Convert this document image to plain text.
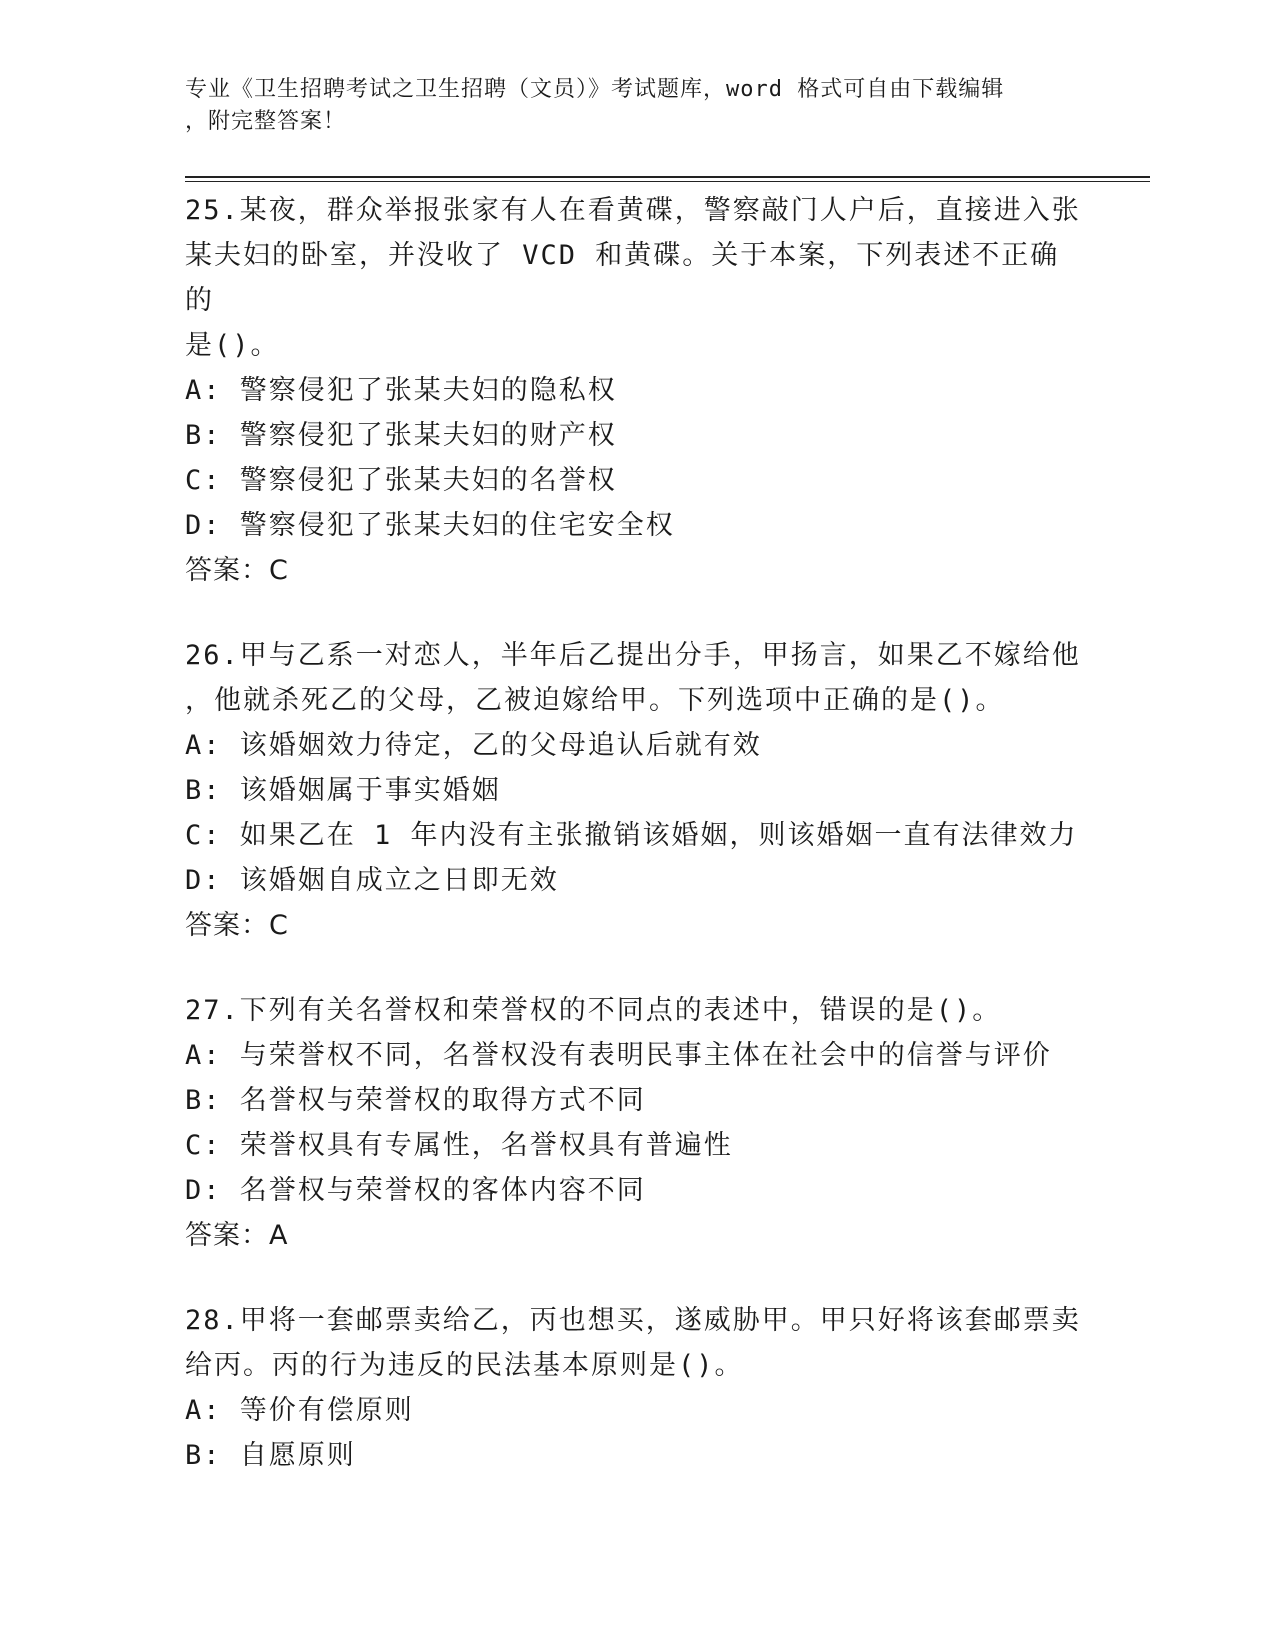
专业《卫生招聘考试之卫生招聘（文员）》考试题库，word 格式可自由下载编辑
，附完整答案！

25.某夜，群众举报张家有人在看黄碟，警察敲门人户后，直接进入张
某夫妇的卧室，并没收了 VCD 和黄碟。关于本案，下列表述不正确的
是()。

A: 警察侵犯了张某夫妇的隐私权

B: 警察侵犯了张某夫妇的财产权

C: 警察侵犯了张某夫妇的名誉权

D: 警察侵犯了张某夫妇的住宅安全权

答案：C

26.甲与乙系一对恋人，半年后乙提出分手，甲扬言，如果乙不嫁给他
，他就杀死乙的父母，乙被迫嫁给甲。下列选项中正确的是()。

A: 该婚姻效力待定，乙的父母追认后就有效

B: 该婚姻属于事实婚姻

C: 如果乙在 1 年内没有主张撤销该婚姻，则该婚姻一直有法律效力

D: 该婚姻自成立之日即无效

答案：C

27.下列有关名誉权和荣誉权的不同点的表述中，错误的是()。

A: 与荣誉权不同，名誉权没有表明民事主体在社会中的信誉与评价

B: 名誉权与荣誉权的取得方式不同

C: 荣誉权具有专属性，名誉权具有普遍性

D: 名誉权与荣誉权的客体内容不同

答案：A

28.甲将一套邮票卖给乙，丙也想买，遂威胁甲。甲只好将该套邮票卖
给丙。丙的行为违反的民法基本原则是()。

A: 等价有偿原则

B: 自愿原则
